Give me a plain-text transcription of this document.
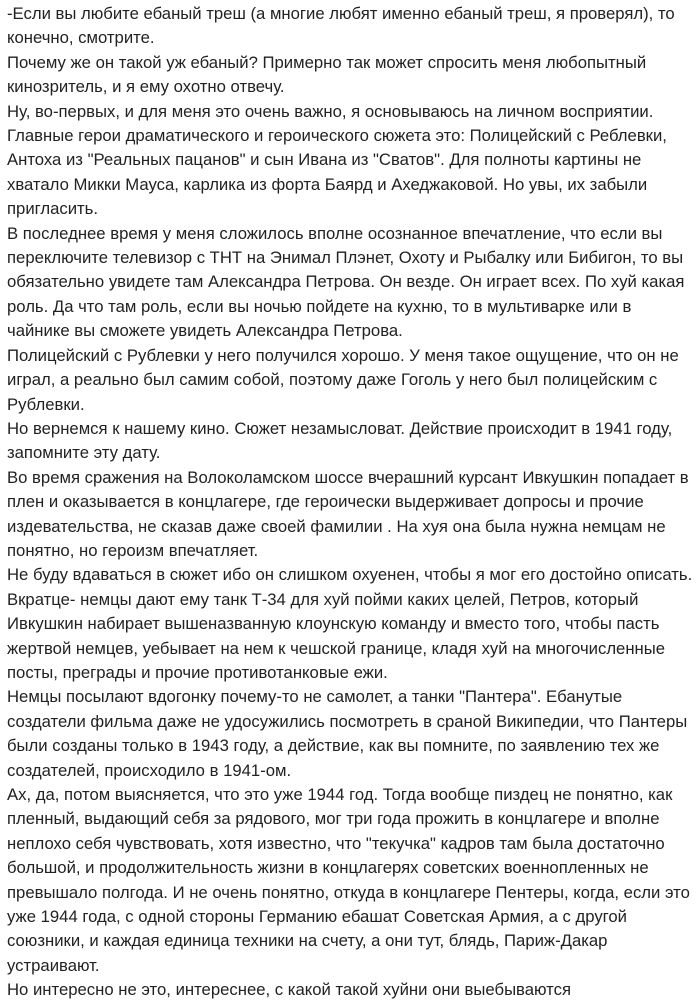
-Если вы любите ебаный треш (а многие любят именно ебаный треш, я проверял), то конечно, смотрите.

Почему же он такой уж ебаный? Примерно так может спросить меня любопытный кинозритель, и я ему охотно отвечу.

Ну, во-первых, и для меня это очень важно, я основываюсь на личном восприятии. Главные герои драматического и героического сюжета это: Полицейский с Реблевки, Антоха из "Реальных пацанов" и сын Ивана из "Сватов". Для полноты картины не хватало Микки Мауса, карлика из форта Баярд и Ахеджаковой. Но увы, их забыли пригласить.

В последнее время у меня сложилось вполне осознанное впечатление, что если вы переключите телевизор с ТНТ на Энимал Плэнет, Охоту и Рыбалку или Бибигон, то вы обязательно увидете там Александра Петрова. Он везде. Он играет всех. По хуй какая роль. Да что там роль, если вы ночью пойдете на кухню, то в мультиварке или в чайнике вы сможете увидеть Александра Петрова.

Полицейский с Рублевки у него получился хорошо. У меня такое ощущение, что он не играл, а реально был самим собой, поэтому даже Гоголь у него был полицейским с Рублевки.

Но вернемся к нашему кино. Сюжет незамысловат. Действие происходит в 1941 году, запомните эту дату.

Во время сражения на Волоколамском шоссе вчерашний курсант Ивкушкин попадает в плен и оказывается в концлагере, где героически выдерживает допросы и прочие издевательства, не сказав даже своей фамилии . На хуя она была нужна немцам не понятно, но героизм впечатляет.

Не буду вдаваться в сюжет ибо он слишком охуенен, чтобы я мог его достойно описать.

Вкратце- немцы дают ему танк Т-34 для хуй пойми каких целей, Петров, который Ивкушкин набирает вышеназванную клоунскую команду и вместо того, чтобы пасть жертвой немцев, уебывает на нем к чешской границе, кладя хуй на многочисленные посты, преграды и прочие противотанковые ежи.

Немцы посылают вдогонку почему-то не самолет, а танки "Пантера". Ебанутые создатели фильма даже не удосужились посмотреть в сраной Википедии, что Пантеры были созданы только в 1943 году, а действие, как вы помните, по заявлению тех же создателей, происходило в 1941-ом.

Ах, да, потом выясняется, что это уже 1944 год. Тогда вообще пиздец не понятно, как пленный, выдающий себя за рядового, мог три года прожить в концлагере и вполне неплохо себя чувствовать, хотя известно, что "текучка" кадров там была достаточно большой, и продолжительность жизни в концлагерях советских военнопленных не превышало полгода. И не очень понятно, откуда в концлагере Пентеры, когда, если это уже 1944 года, с одной стороны Германию ебашат Советская Армия, а с другой союзники, и каждая единица техники на счету, а они тут, блядь, Париж-Дакар устраивают.

Но интересно не это, интереснее, с какой такой хуйни они выебываются
